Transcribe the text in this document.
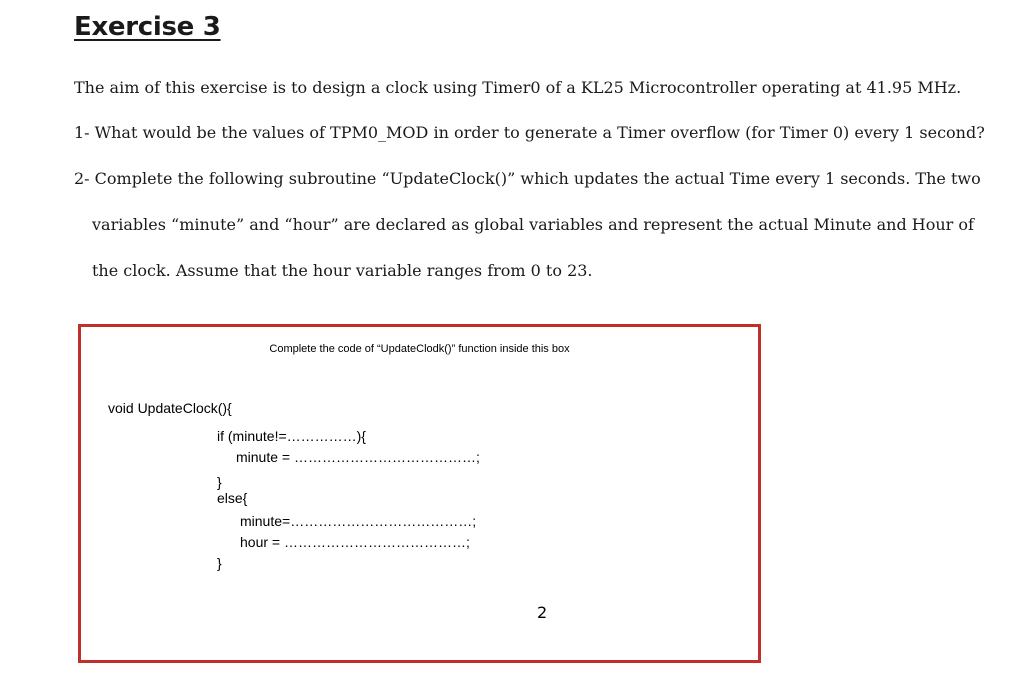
Exercise 3

The aim of this exercise is to design a clock using Timer0 of a KL25 Microcontroller operating at 41.95 MHz.

1- What would be the values of TPM0_MOD in order to generate a Timer overflow (for Timer 0) every 1 second?

2- Complete the following subroutine “UpdateClock()” which updates the actual Time every 1 seconds. The two

variables “minute” and “hour” are declared as global variables and represent the actual Minute and Hour of

the clock. Assume that the hour variable ranges from 0 to 23.

Complete the code of “UpdateClodk()” function inside this box

void UpdateClock(){

if (minute!=……………){

minute = …………………………………;

}

else{

minute=…………………………………;

hour = …………………………………;

}

2
